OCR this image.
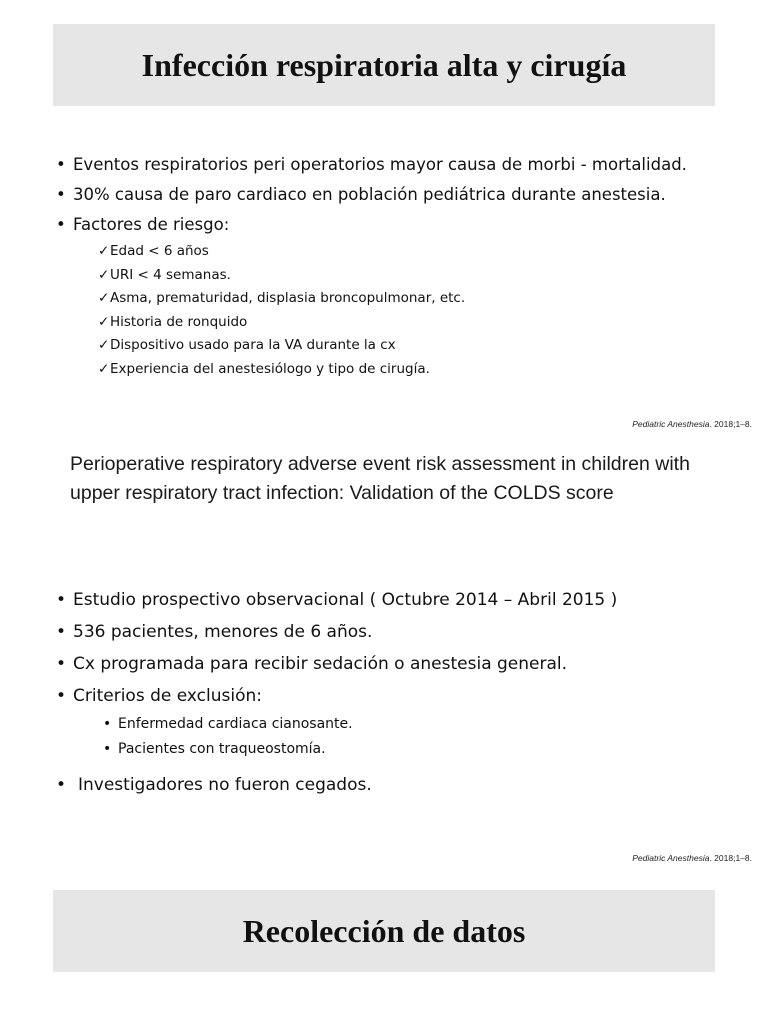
Infección respiratoria alta y cirugía
• Eventos respiratorios peri operatorios mayor causa de morbi - mortalidad.
• 30% causa de paro cardiaco en población pediátrica durante anestesia.
• Factores de riesgo:
✓Edad < 6 años
✓URI < 4 semanas.
✓Asma, prematuridad, displasia broncopulmonar, etc.
✓Historia de ronquido
✓Dispositivo usado para la VA durante la cx
✓Experiencia del anestesiólogo y tipo de cirugía.
Pediatric Anesthesia. 2018;1–8.
Perioperative respiratory adverse event risk assessment in children with upper respiratory tract infection: Validation of the COLDS score
• Estudio prospectivo observacional ( Octubre 2014 – Abril 2015 )
• 536 pacientes, menores de 6 años.
• Cx programada para recibir sedación o anestesia general.
• Criterios de exclusión:
• Enfermedad cardiaca cianosante.
• Pacientes con traqueostomía.
• Investigadores no fueron cegados.
Pediatric Anesthesia. 2018;1–8.
Recolección de datos
